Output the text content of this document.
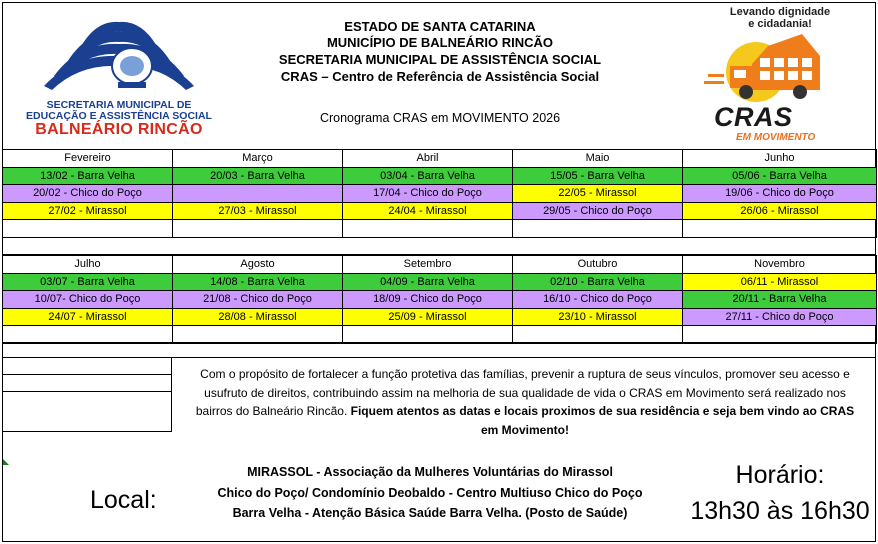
SECRETARIA MUNICIPAL DE
EDUCAÇÃO E ASSISTÊNCIA SOCIAL
BALNEÁRIO RINCÃO
ESTADO DE SANTA CATARINA
MUNICÍPIO DE BALNEÁRIO RINCÃO
SECRETARIA MUNICIPAL DE ASSISTÊNCIA SOCIAL
CRAS – Centro de Referência de Assistência Social
Cronograma CRAS em MOVIMENTO 2026
Levando dignidade
e cidadania!
CRAS
EM MOVIMENTO
Fevereiro	Março	Abril	Maio	Junho
13/02 - Barra Velha	20/03 - Barra Velha	03/04 - Barra Velha	15/05 - Barra Velha	05/06 - Barra Velha
20/02 - Chico do Poço		17/04 - Chico do Poço	22/05 - Mirassol	19/06 - Chico do Poço
27/02 - Mirassol	27/03 - Mirassol	24/04 - Mirassol	29/05 - Chico do Poço	26/06 - Mirassol

Julho	Agosto	Setembro	Outubro	Novembro
03/07 - Barra Velha	14/08 - Barra Velha	04/09 - Barra Velha	02/10 - Barra Velha	06/11 - Mirassol
10/07- Chico do Poço	21/08 - Chico do Poço	18/09 - Chico do Poço	16/10 - Chico do Poço	20/11 - Barra Velha
24/07 - Mirassol	28/08 - Mirassol	25/09 - Mirassol	23/10 - Mirassol	27/11 - Chico do Poço

Com o propósito de fortalecer a função protetiva das famílias, prevenir a ruptura de seus vínculos, promover seu acesso e
usufruto de direitos, contribuindo assim na melhoria de sua qualidade de vida o CRAS em Movimento será realizado nos
bairros do Balneário Rincão. Fiquem atentos as datas e locais proximos de sua residência e seja bem vindo ao CRAS
em Movimento!
Local:
MIRASSOL - Associação da Mulheres Voluntárias do Mirassol
Chico do Poço/ Condomínio Deobaldo - Centro Multiuso Chico do Poço
Barra Velha - Atenção Básica Saúde Barra Velha. (Posto de Saúde)
Horário:
13h30 às 16h30
